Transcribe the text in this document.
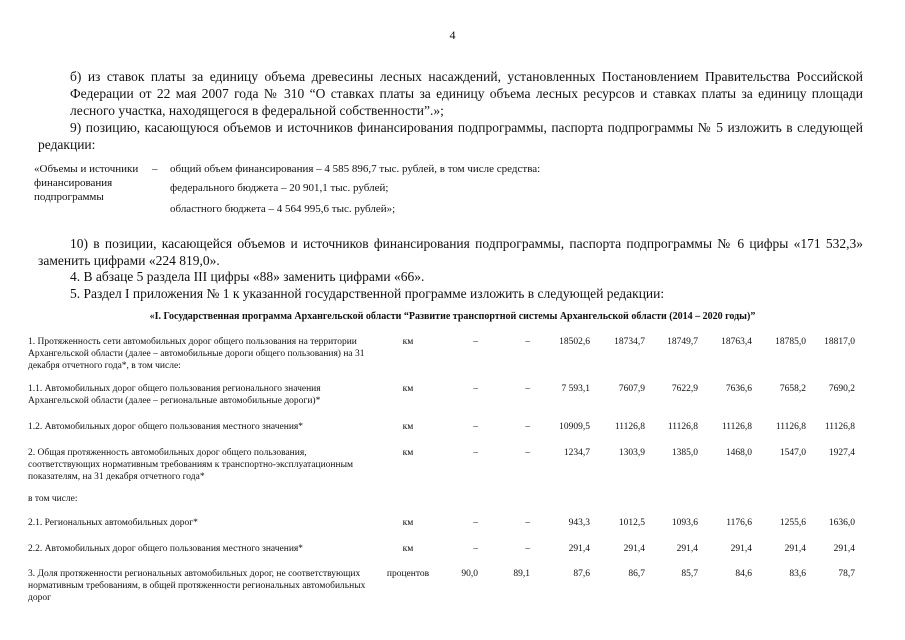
4
б) из ставок платы за единицу объема древесины лесных насаждений, установленных Постановлением Правительства Российской Федерации от 22 мая 2007 года № 310 “О ставках платы за единицу объема лесных ресурсов и ставках платы за единицу площади лесного участка, находящегося в федеральной собственности”.»;
9) позицию, касающуюся объемов и источников финансирования подпрограммы, паспорта подпрограммы № 5 изложить в следующей редакции:
«Объемы и источники финансирования подпрограммы
– общий объем финансирования – 4 585 896,7 тыс. рублей, в том числе средства:
федерального бюджета – 20 901,1 тыс. рублей;
областного бюджета – 4 564 995,6 тыс. рублей»;
10) в позиции, касающейся объемов и источников финансирования подпрограммы, паспорта подпрограммы № 6 цифры «171 532,3» заменить цифрами «224 819,0».
4. В абзаце 5 раздела III цифры «88» заменить цифрами «66».
5. Раздел I приложения № 1 к указанной государственной программе изложить в следующей редакции:
«I. Государственная программа Архангельской области “Развитие транспортной системы Архангельской области (2014 – 2020 годы)”
1. Протяженность сети автомобильных дорог общего пользования на территории Архангельской области (далее – автомобильные дороги общего пользования) на 31 декабря отчетного года*, в том числе:
км	–	–	18502,6	18734,7 18749,7 18763,4 18785,0 18817,0
1.1. Автомобильных дорог общего пользования регионального значения Архангельской области (далее – региональные автомобильные дороги)*
км	–	–	7 593,1	7607,9	7622,9	7636,6	7658,2 7690,2
1.2. Автомобильных дорог общего пользования местного значения*	км	–	–	10909,5	11126,8 11126,8	11126,8	11126,8 11126,8
2. Общая протяженность автомобильных дорог общего пользования, соответствующих нормативным требованиям к транспортно-эксплуатационным показателям, на 31 декабря отчетного года*
км	–	–	1234,7	1303,9	1385,0	1468,0	1547,0 1927,4
в том числе:
2.1. Региональных автомобильных дорог*	км	–	–	943,3	1012,5	1093,6	1176,6	1255,6 1636,0
2.2. Автомобильных дорог общего пользования местного значения*	км	–	–	291,4	291,4	291,4	291,4	291,4	291,4
3. Доля протяженности региональных автомобильных дорог, не соответствующих нормативным требованиям, в общей протяженности региональных автомобильных дорог
процентов	90,0	89,1	87,6	86,7	85,7	84,6	83,6	78,7
